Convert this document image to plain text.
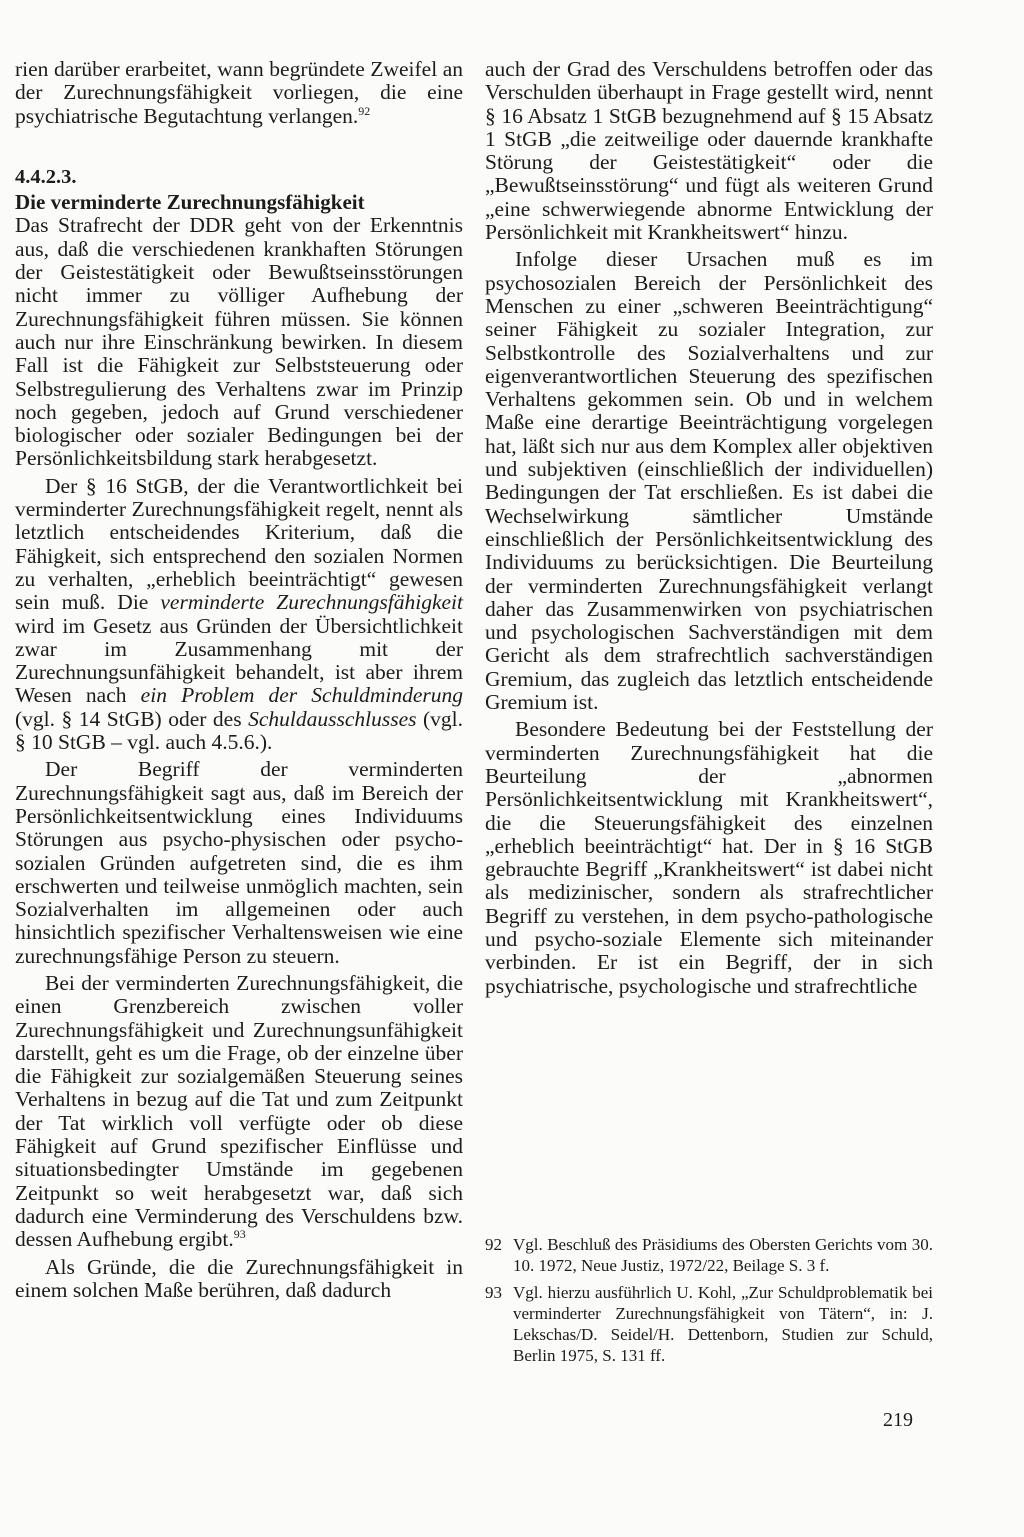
rien darüber erarbeitet, wann begründete Zweifel an der Zurechnungsfähigkeit vorliegen, die eine psychiatrische Begutachtung verlangen.$^{92}$

4.4.2.3.
Die verminderte Zurechnungsfähigkeit

Das Strafrecht der DDR geht von der Erkenntnis aus, daß die verschiedenen krankhaften Störungen der Geistestätigkeit oder Bewußtseinsstörungen nicht immer zu völliger Aufhebung der Zurechnungsfähigkeit führen müssen. Sie können auch nur ihre Einschränkung bewirken. In diesem Fall ist die Fähigkeit zur Selbststeuerung oder Selbstregulierung des Verhaltens zwar im Prinzip noch gegeben, jedoch auf Grund verschiedener biologischer oder sozialer Bedingungen bei der Persönlichkeitsbildung stark herabgesetzt.

Der § 16 StGB, der die Verantwortlichkeit bei verminderter Zurechnungsfähigkeit regelt, nennt als letztlich entscheidendes Kriterium, daß die Fähigkeit, sich entsprechend den sozialen Normen zu verhalten, „erheblich beeinträchtigt“ gewesen sein muß. Die verminderte Zurechnungsfähigkeit wird im Gesetz aus Gründen der Übersichtlichkeit zwar im Zusammenhang mit der Zurechnungsunfähigkeit behandelt, ist aber ihrem Wesen nach ein Problem der Schuldminderung (vgl. § 14 StGB) oder des Schuldausschlusses (vgl. § 10 StGB – vgl. auch 4.5.6.).

Der Begriff der verminderten Zurechnungsfähigkeit sagt aus, daß im Bereich der Persönlichkeitsentwicklung eines Individuums Störungen aus psycho-physischen oder psycho-sozialen Gründen aufgetreten sind, die es ihm erschwerten und teilweise unmöglich machten, sein Sozialverhalten im allgemeinen oder auch hinsichtlich spezifischer Verhaltensweisen wie eine zurechnungsfähige Person zu steuern.

Bei der verminderten Zurechnungsfähigkeit, die einen Grenzbereich zwischen voller Zurechnungsfähigkeit und Zurechnungsunfähigkeit darstellt, geht es um die Frage, ob der einzelne über die Fähigkeit zur sozialgemäßen Steuerung seines Verhaltens in bezug auf die Tat und zum Zeitpunkt der Tat wirklich voll verfügte oder ob diese Fähigkeit auf Grund spezifischer Einflüsse und situationsbedingter Umstände im gegebenen Zeitpunkt so weit herabgesetzt war, daß sich dadurch eine Verminderung des Verschuldens bzw. dessen Aufhebung ergibt.$^{93}$

Als Gründe, die die Zurechnungsfähigkeit in einem solchen Maße berühren, daß dadurch

auch der Grad des Verschuldens betroffen oder das Verschulden überhaupt in Frage gestellt wird, nennt § 16 Absatz 1 StGB bezugnehmend auf § 15 Absatz 1 StGB „die zeitweilige oder dauernde krankhafte Störung der Geistestätigkeit“ oder die „Bewußtseinsstörung“ und fügt als weiteren Grund „eine schwerwiegende abnorme Entwicklung der Persönlichkeit mit Krankheitswert“ hinzu.

Infolge dieser Ursachen muß es im psychosozialen Bereich der Persönlichkeit des Menschen zu einer „schweren Beeinträchtigung“ seiner Fähigkeit zu sozialer Integration, zur Selbstkontrolle des Sozialverhaltens und zur eigenverantwortlichen Steuerung des spezifischen Verhaltens gekommen sein. Ob und in welchem Maße eine derartige Beeinträchtigung vorgelegen hat, läßt sich nur aus dem Komplex aller objektiven und subjektiven (einschließlich der individuellen) Bedingungen der Tat erschließen. Es ist dabei die Wechselwirkung sämtlicher Umstände einschließlich der Persönlichkeitsentwicklung des Individuums zu berücksichtigen. Die Beurteilung der verminderten Zurechnungsfähigkeit verlangt daher das Zusammenwirken von psychiatrischen und psychologischen Sachverständigen mit dem Gericht als dem strafrechtlich sachverständigen Gremium, das zugleich das letztlich entscheidende Gremium ist.

Besondere Bedeutung bei der Feststellung der verminderten Zurechnungsfähigkeit hat die Beurteilung der „abnormen Persönlichkeitsentwicklung mit Krankheitswert“, die die Steuerungsfähigkeit des einzelnen „erheblich beeinträchtigt“ hat. Der in § 16 StGB gebrauchte Begriff „Krankheitswert“ ist dabei nicht als medizinischer, sondern als strafrechtlicher Begriff zu verstehen, in dem psycho-pathologische und psycho-soziale Elemente sich miteinander verbinden. Er ist ein Begriff, der in sich psychiatrische, psychologische und strafrechtliche

92 Vgl. Beschluß des Präsidiums des Obersten Gerichts vom 30. 10. 1972, Neue Justiz, 1972/22, Beilage S. 3 f.
93 Vgl. hierzu ausführlich U. Kohl, „Zur Schuldproblematik bei verminderter Zurechnungsfähigkeit von Tätern“, in: J. Lekschas/D. Seidel/H. Dettenborn, Studien zur Schuld, Berlin 1975, S. 131 ff.
219
